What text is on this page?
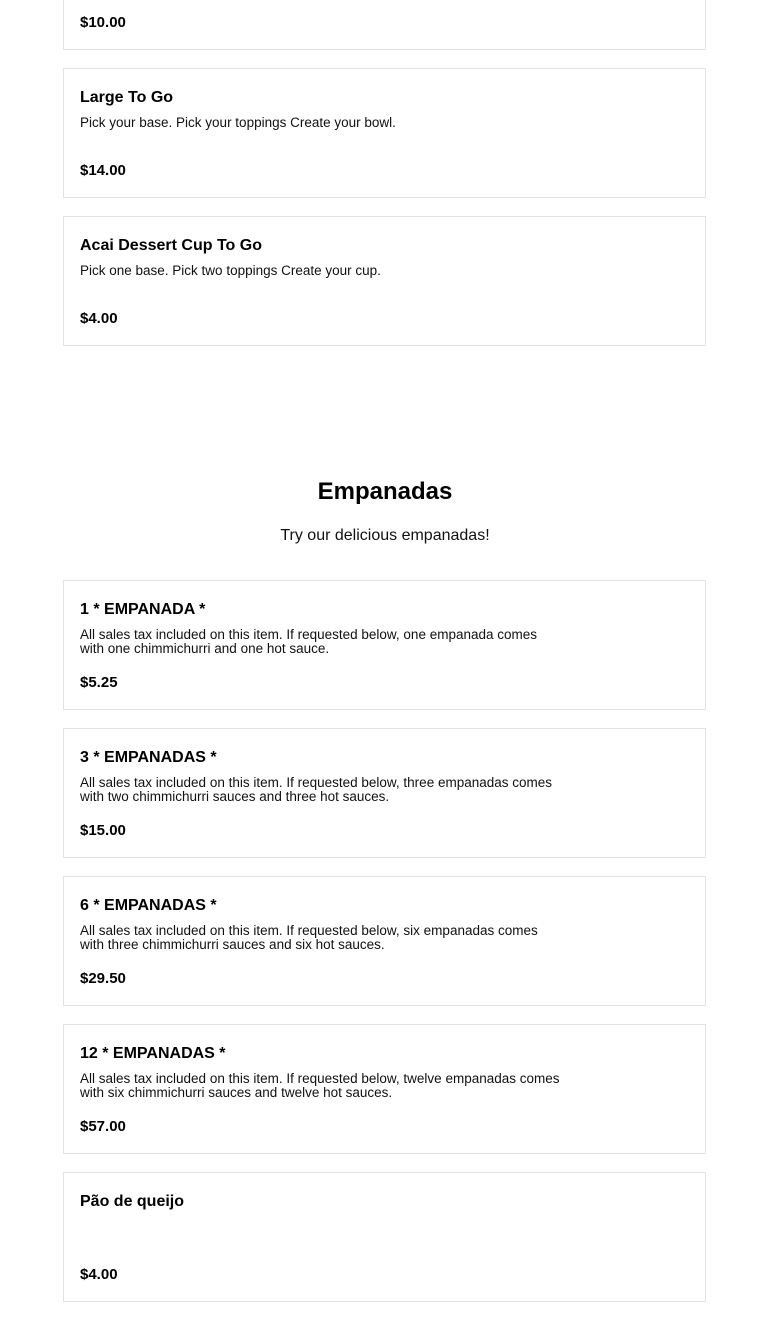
$10.00
Large To Go
Pick your base. Pick your toppings Create your bowl.
$14.00
Acai Dessert Cup To Go
Pick one base. Pick two toppings Create your cup.
$4.00
Empanadas
Try our delicious empanadas!
1 * EMPANADA *
All sales tax included on this item. If requested below, one empanada comes with one chimmichurri and one hot sauce.
$5.25
3 * EMPANADAS *
All sales tax included on this item. If requested below, three empanadas comes with two chimmichurri sauces and three hot sauces.
$15.00
6 * EMPANADAS *
All sales tax included on this item. If requested below, six empanadas comes with three chimmichurri sauces and six hot sauces.
$29.50
12 * EMPANADAS *
All sales tax included on this item. If requested below, twelve empanadas comes with six chimmichurri sauces and twelve hot sauces.
$57.00
Pão de queijo
$4.00
